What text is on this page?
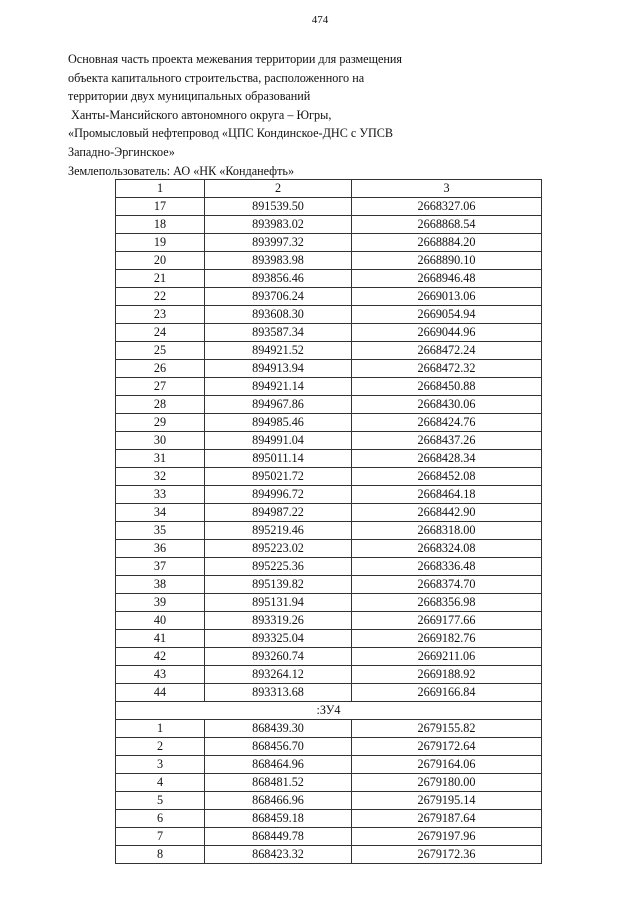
474
Основная часть проекта межевания территории для размещения
объекта капитального строительства, расположенного на
территории двух муниципальных образований
Ханты-Мансийского автономного округа – Югры,
«Промысловый нефтепровод «ЦПС Кондинское-ДНС с УПСВ
Западно-Эргинское»
Землепользователь: АО «НК «Конданефть»
1	2	3
17	891539.50	2668327.06
18	893983.02	2668868.54
19	893997.32	2668884.20
20	893983.98	2668890.10
21	893856.46	2668946.48
22	893706.24	2669013.06
23	893608.30	2669054.94
24	893587.34	2669044.96
25	894921.52	2668472.24
26	894913.94	2668472.32
27	894921.14	2668450.88
28	894967.86	2668430.06
29	894985.46	2668424.76
30	894991.04	2668437.26
31	895011.14	2668428.34
32	895021.72	2668452.08
33	894996.72	2668464.18
34	894987.22	2668442.90
35	895219.46	2668318.00
36	895223.02	2668324.08
37	895225.36	2668336.48
38	895139.82	2668374.70
39	895131.94	2668356.98
40	893319.26	2669177.66
41	893325.04	2669182.76
42	893260.74	2669211.06
43	893264.12	2669188.92
44	893313.68	2669166.84
:ЗУ4		
1	868439.30	2679155.82
2	868456.70	2679172.64
3	868464.96	2679164.06
4	868481.52	2679180.00
5	868466.96	2679195.14
6	868459.18	2679187.64
7	868449.78	2679197.96
8	868423.32	2679172.36
